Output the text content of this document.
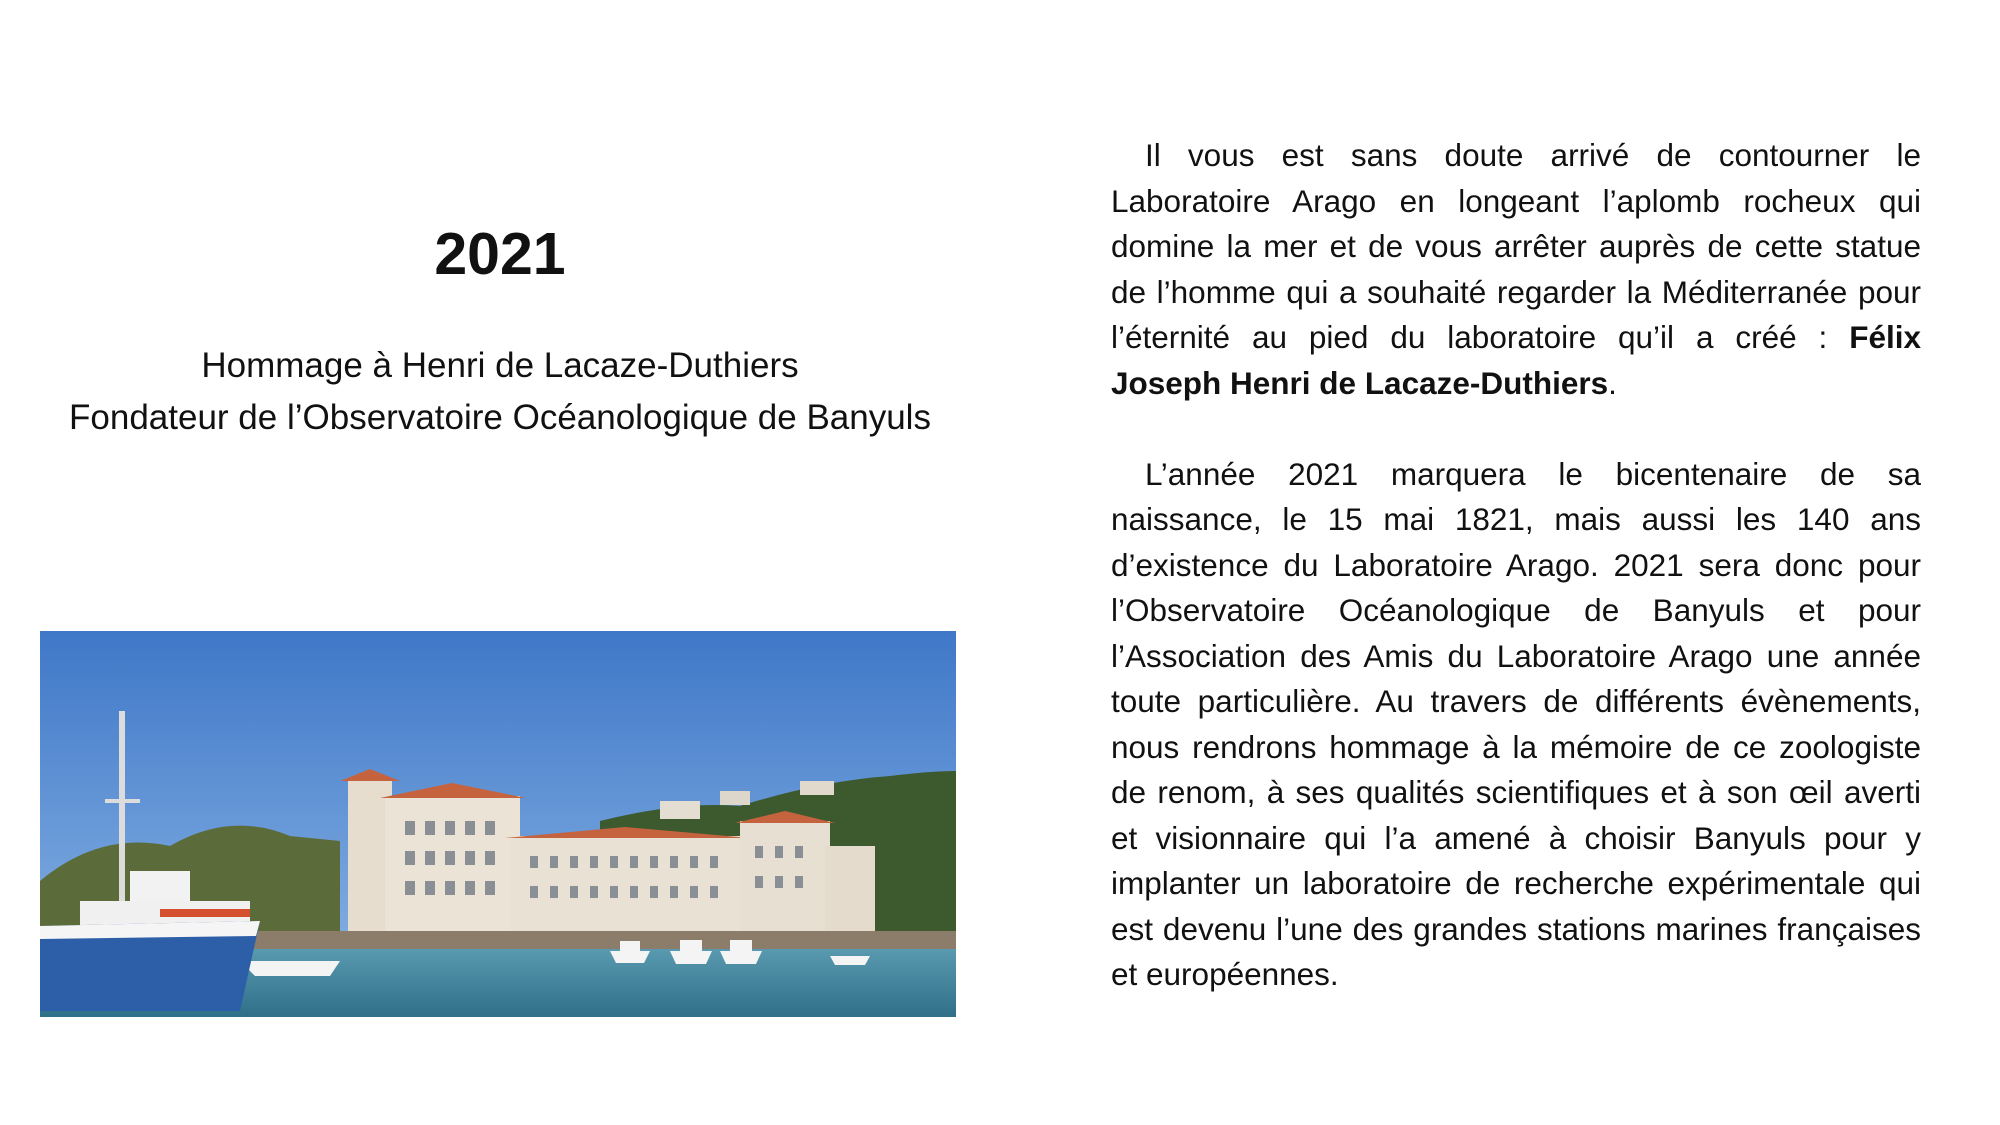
2021
Hommage à Henri de Lacaze-Duthiers
Fondateur de l’Observatoire Océanologique de Banyuls

Il vous est sans doute arrivé de contourner le Laboratoire Arago en longeant l’aplomb rocheux qui domine la mer et de vous arrêter auprès de cette statue de l’homme qui a souhaité regarder la Méditerranée pour l’éternité au pied du laboratoire qu’il a créé : Félix Joseph Henri de Lacaze-Duthiers.

L’année 2021 marquera le bicentenaire de sa naissance, le 15 mai 1821, mais aussi les 140 ans d’existence du Laboratoire Arago. 2021 sera donc pour l’Observatoire Océanologique de Banyuls et pour l’Association des Amis du Laboratoire Arago une année toute particulière. Au travers de différents évènements, nous rendrons hommage à la mémoire de ce zoologiste de renom, à ses qualités scientifiques et à son œil averti et visionnaire qui l’a amené à choisir Banyuls pour y implanter un laboratoire de recherche expérimentale qui est devenu l’une des grandes stations marines françaises et européennes.
